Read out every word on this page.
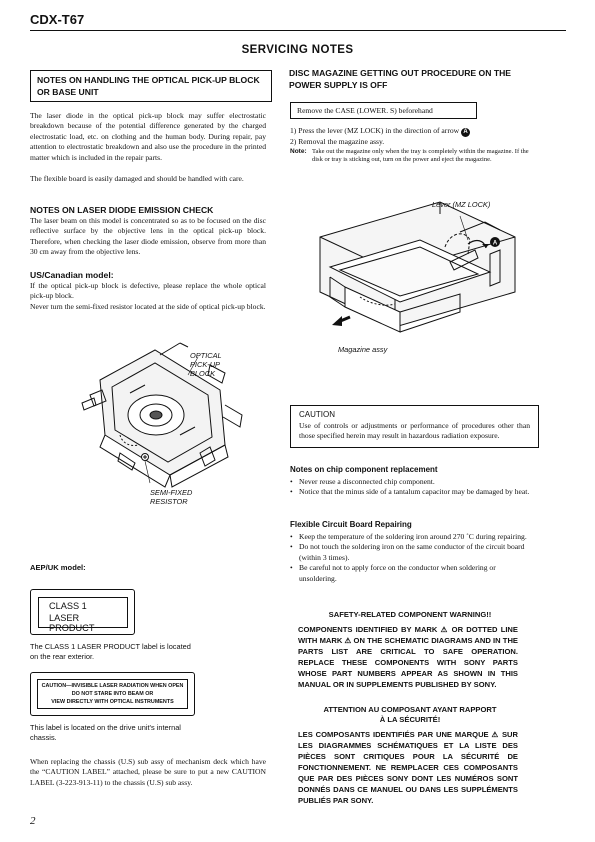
CDX-T67
SERVICING NOTES
NOTES ON HANDLING THE OPTICAL PICK-UP BLOCK OR BASE UNIT
The laser diode in the optical pick-up block may suffer electrostatic breakdown because of the potential difference generated by the charged electrostatic load, etc. on clothing and the human body. During repair, pay attention to electrostatic breakdown and also use the procedure in the printed matter which is included in the repair parts.
The flexible board is easily damaged and should be handled with care.
NOTES ON LASER DIODE EMISSION CHECK
The laser beam on this model is concentrated so as to be focused on the disc reflective surface by the objective lens in the optical pick-up block. Therefore, when checking the laser diode emission, observe from more than 30 cm away from the objective lens.
US/Canadian model:
If the optical pick-up block is defective, please replace the whole optical pick-up block.
Never turn the semi-fixed resistor located at the side of optical pick-up block.
OPTICAL
PICK-UP
BLOCK
SEMI-FIXED
RESISTOR
AEP/UK model:
CLASS 1
LASER PRODUCT
The CLASS 1 LASER PRODUCT label is located on the rear exterior.
CAUTION—INVISIBLE LASER RADIATION WHEN OPEN
DO NOT STARE INTO BEAM OR
VIEW DIRECTLY WITH OPTICAL INSTRUMENTS
This label is located on the drive unit's internal chassis.
When replacing the chassis (U.S) sub assy of mechanism deck which have the “CAUTION LABEL” attached, please be sure to put a new CAUTION LABEL (3-223-913-11) to the chassis (U.S) sub assy.
2
DISC MAGAZINE GETTING OUT PROCEDURE ON THE POWER SUPPLY IS OFF
Remove the CASE (LOWER. S) beforehand

1) Press the lever (MZ LOCK) in the direction of arrow A

2) Removal the magazine assy.

Note: Take out the magazine only when the tray is completely within the magazine. If the disk or tray is sticking out, turn on the power and eject the magazine.
A
Lever (MZ LOCK)
Magazine assy
CAUTION
Use of controls or adjustments or performance of procedures other than those specified herein may result in hazardous radiation exposure.
Notes on chip component replacement
• Never reuse a disconnected chip component.
• Notice that the minus side of a tantalum capacitor may be damaged by heat.
Flexible Circuit Board Repairing
• Keep the temperature of the soldering iron around 270 ˚C during repairing.
• Do not touch the soldering iron on the same conductor of the circuit board (within 3 times).
• Be careful not to apply force on the conductor when soldering or unsoldering.
SAFETY-RELATED COMPONENT WARNING!!
COMPONENTS IDENTIFIED BY MARK ⚠ OR DOTTED LINE WITH MARK ⚠ ON THE SCHEMATIC DIAGRAMS AND IN THE PARTS LIST ARE CRITICAL TO SAFE OPERATION. REPLACE THESE COMPONENTS WITH SONY PARTS WHOSE PART NUMBERS APPEAR AS SHOWN IN THIS MANUAL OR IN SUPPLEMENTS PUBLISHED BY SONY.
ATTENTION AU COMPOSANT AYANT RAPPORT
À LA SÉCURITÉ!
LES COMPOSANTS IDENTIFIÉS PAR UNE MARQUE ⚠ SUR LES DIAGRAMMES SCHÉMATIQUES ET LA LISTE DES PIÈCES SONT CRITIQUES POUR LA SÉCURITÉ DE FONCTIONNEMENT. NE REMPLACER CES COMPOSANTS QUE PAR DES PIÈCES SONY DONT LES NUMÉROS SONT DONNÉS DANS CE MANUEL OU DANS LES SUPPLÉMENTS PUBLIÉS PAR SONY.
